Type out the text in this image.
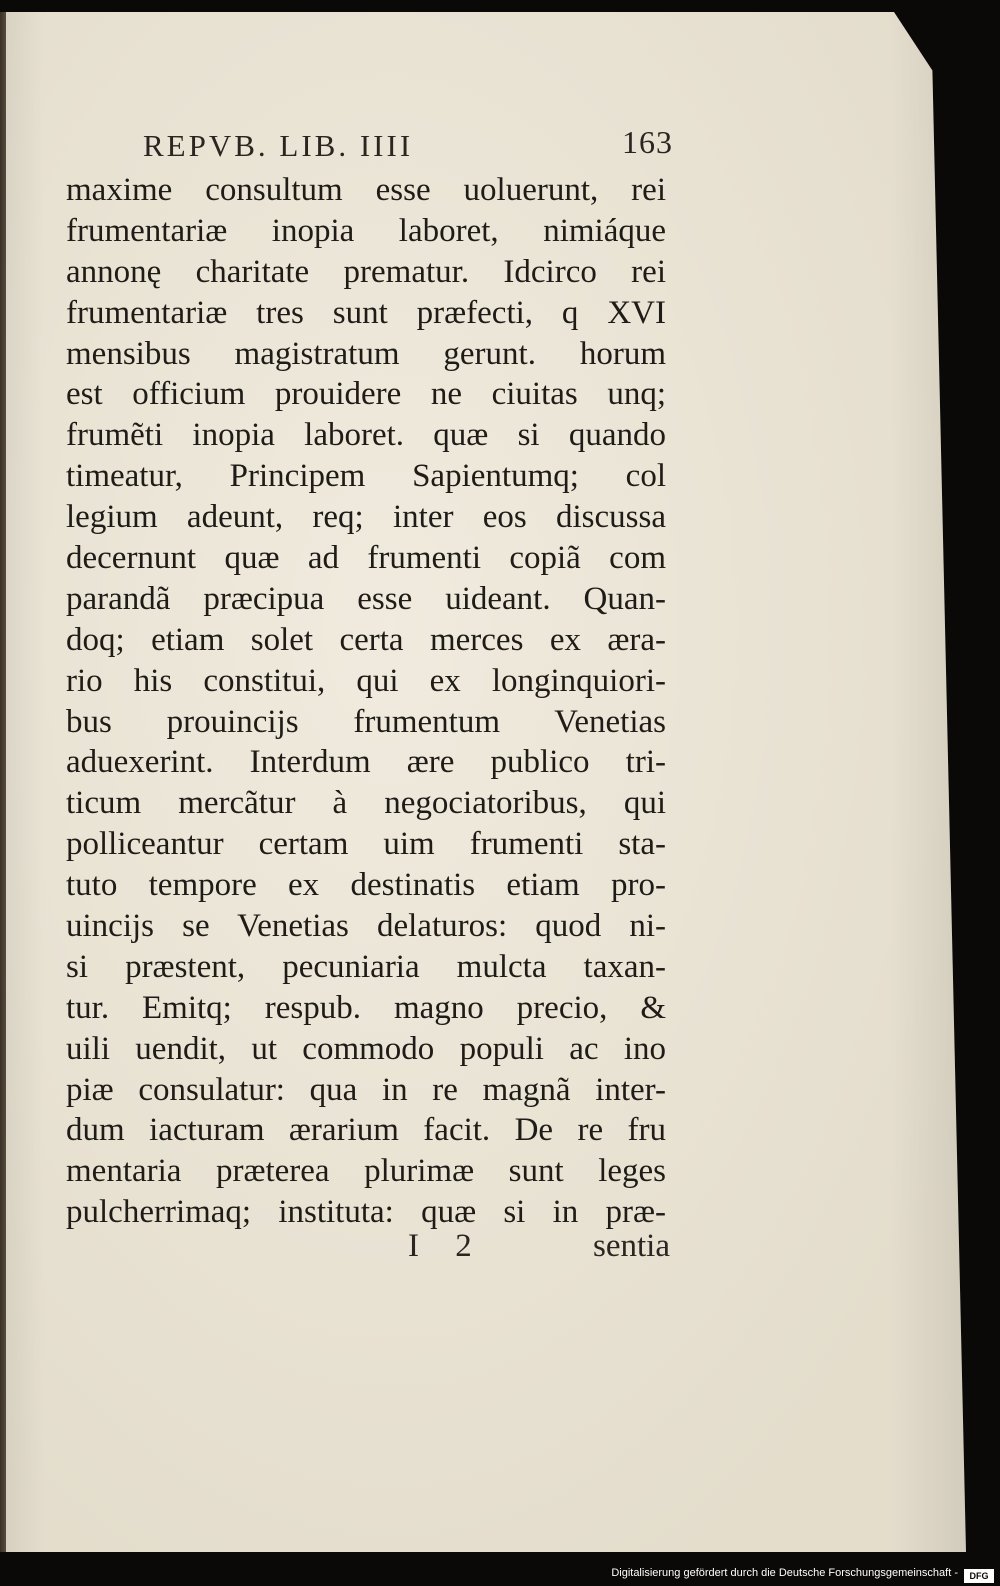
REPVB. LIB. IIII	163
maxime consultum esse uoluerunt, rei
frumentariæ inopia laboret, nimiáque
annonę charitate prematur. Idcirco rei
frumentariæ tres sunt præfecti, q XVI
mensibus magistratum gerunt. horum
est officium prouidere ne ciuitas unq;
frumẽti inopia laboret. quæ si quando
timeatur, Principem Sapientumq; col
legium adeunt, req; inter eos discussa
decernunt quæ ad frumenti copiã com
parandã præcipua esse uideant. Quan-
doq; etiam solet certa merces ex æra-
rio his constitui, qui ex longinquiori-
bus prouincijs frumentum Venetias
aduexerint. Interdum ære publico tri-
ticum mercãtur à negociatoribus, qui
polliceantur certam uim frumenti sta-
tuto tempore ex destinatis etiam pro-
uincijs se Venetias delaturos: quod ni-
si præstent, pecuniaria mulcta taxan-
tur. Emitq; respub. magno precio, &
uili uendit, ut commodo populi ac ino
piæ consulatur: qua in re magnã inter-
dum iacturam ærarium facit. De re fru
mentaria præterea plurimæ sunt leges
pulcherrimaq; instituta: quæ si in præ-
I 2	sentia
Digitalisierung gefördert durch die Deutsche Forschungsgemeinschaft -	DFG
